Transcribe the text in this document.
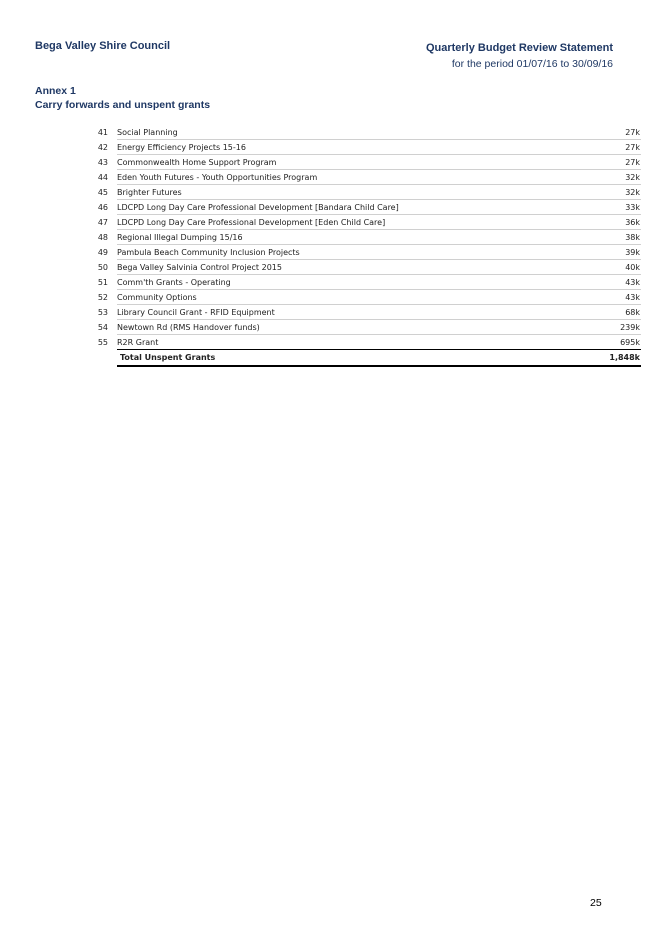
Bega Valley Shire Council	Quarterly Budget Review Statement
for the period 01/07/16 to 30/09/16
Annex 1
Carry forwards and unspent grants
41	Social Planning	27k
42	Energy Efficiency Projects 15-16	27k
43	Commonwealth Home Support Program	27k
44	Eden Youth Futures - Youth Opportunities Program	32k
45	Brighter Futures	32k
46	LDCPD Long Day Care Professional Development [Bandara Child Care]	33k
47	LDCPD Long Day Care Professional Development [Eden Child Care]	36k
48	Regional Illegal Dumping 15/16	38k
49	Pambula Beach Community Inclusion Projects	39k
50	Bega Valley Salvinia Control Project 2015	40k
51	Comm'th Grants - Operating	43k
52	Community Options	43k
53	Library Council Grant - RFID Equipment	68k
54	Newtown Rd (RMS Handover funds)	239k
55	R2R Grant	695k
	Total Unspent Grants	1,848k
25
